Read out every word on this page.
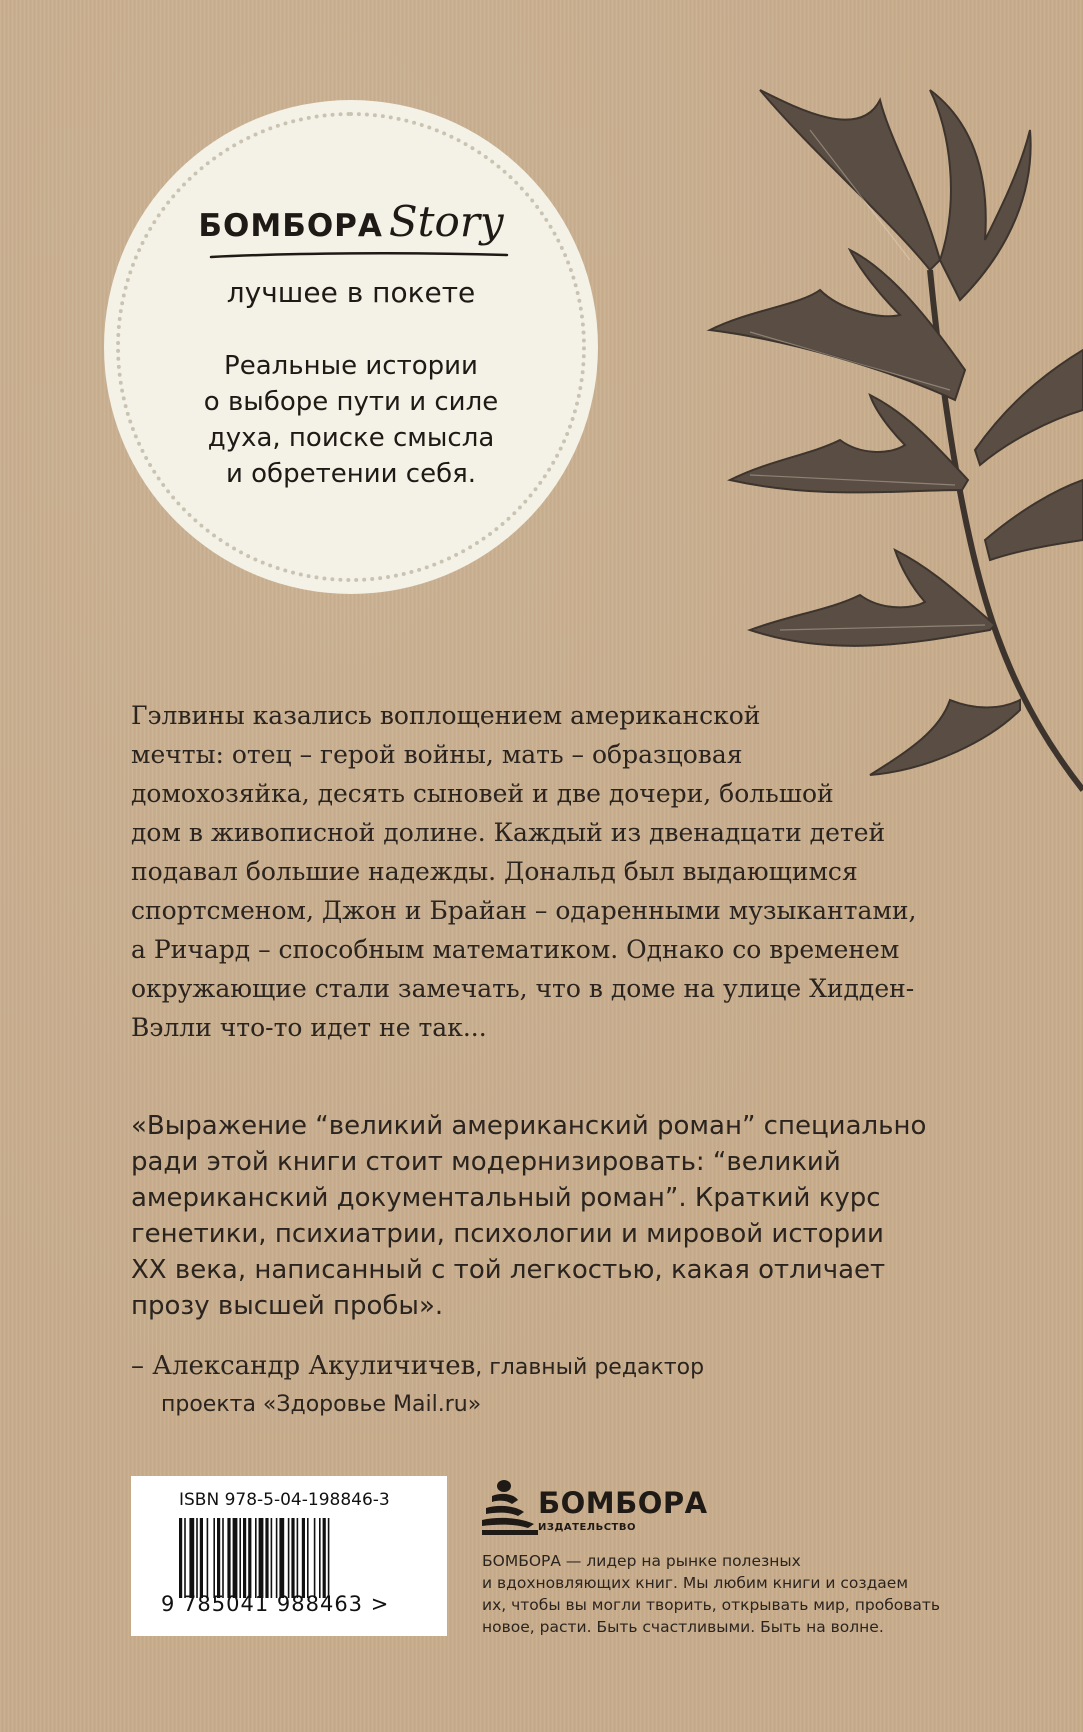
БОМБОРА Story
лучшее в покете
Реальные истории
о выборе пути и силе
духа, поиске смысла
и обретении себя.
Гэлвины казались воплощением американской
мечты: отец – герой войны, мать – образцовая
домохозяйка, десять сыновей и две дочери, большой
дом в живописной долине. Каждый из двенадцати детей
подавал большие надежды. Дональд был выдающимся
спортсменом, Джон и Брайан – одаренными музыкантами,
а Ричард – способным математиком. Однако со временем
окружающие стали замечать, что в доме на улице Хидден-
Вэлли что-то идет не так...
«Выражение “великий американский роман” специально
ради этой книги стоит модернизировать: “великий
американский документальный роман”. Краткий курс
генетики, психиатрии, психологии и мировой истории
XX века, написанный с той легкостью, какая отличает
прозу высшей пробы».
– Александр Акуличичев, главный редактор
проекта «Здоровье Mail.ru»
ISBN 978-5-04-198846-3
9 785041 988463 >
БОМБОРА
ИЗДАТЕЛЬСТВО
БОМБОРА — лидер на рынке полезных
и вдохновляющих книг. Мы любим книги и создаем
их, чтобы вы могли творить, открывать мир, пробовать
новое, расти. Быть счастливыми. Быть на волне.
